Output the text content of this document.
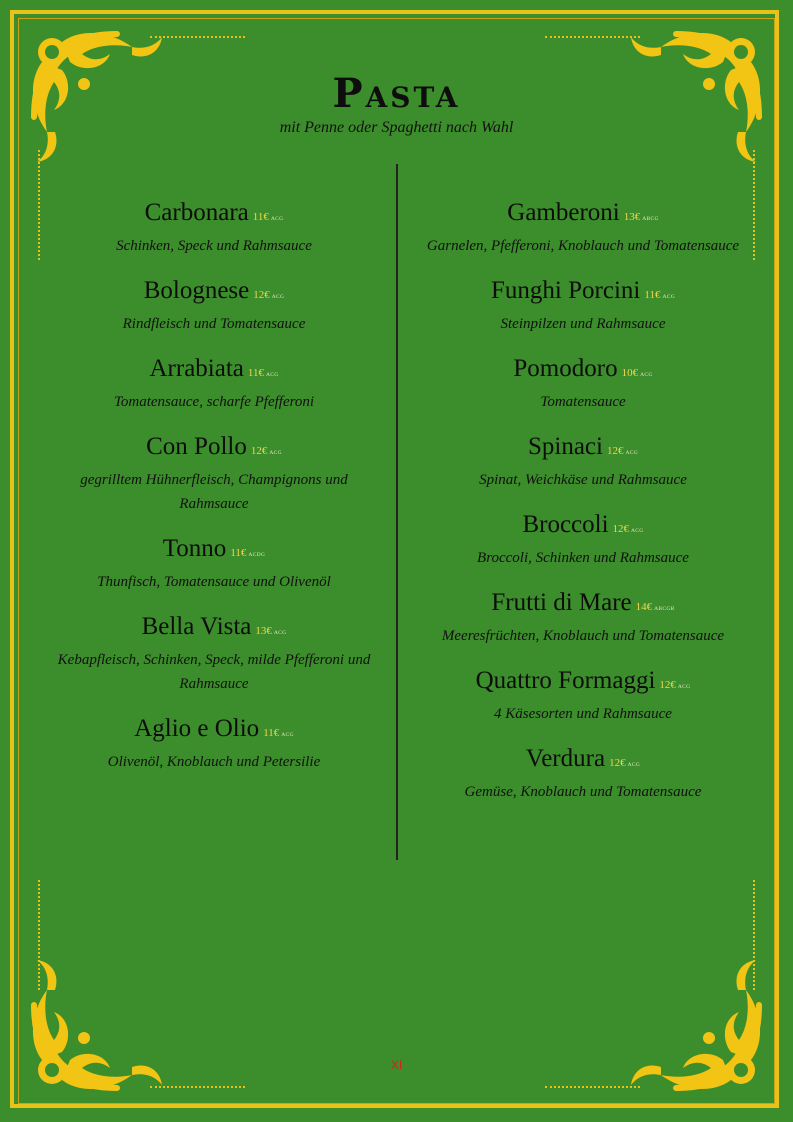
Pasta
mit Penne oder Spaghetti nach Wahl
Carbonara 11€ ACG
Schinken, Speck und Rahmsauce
Bolognese 12€ ACG
Rindfleisch und Tomatensauce
Arrabiata 11€ ACG
Tomatensauce, scharfe Pfefferoni
Con Pollo 12€ ACG
gegrilltem Hühnerfleisch, Champignons und Rahmsauce
Tonno 11€ ACDG
Thunfisch, Tomatensauce und Olivenöl
Bella Vista 13€ ACG
Kebapfleisch, Schinken, Speck, milde Pfefferoni und Rahmsauce
Aglio e Olio 11€ ACG
Olivenöl, Knoblauch und Petersilie
Gamberoni 13€ ABCG
Garnelen, Pfefferoni, Knoblauch und Tomatensauce
Funghi Porcini 11€ ACG
Steinpilzen und Rahmsauce
Pomodoro 10€ ACG
Tomatensauce
Spinaci 12€ ACG
Spinat, Weichkäse und Rahmsauce
Broccoli 12€ ACG
Broccoli, Schinken und Rahmsauce
Frutti di Mare 14€ ABCGR
Meeresfrüchten, Knoblauch und Tomatensauce
Quattro Formaggi 12€ ACG
4 Käsesorten und Rahmsauce
Verdura 12€ ACG
Gemüse, Knoblauch und Tomatensauce
XI
